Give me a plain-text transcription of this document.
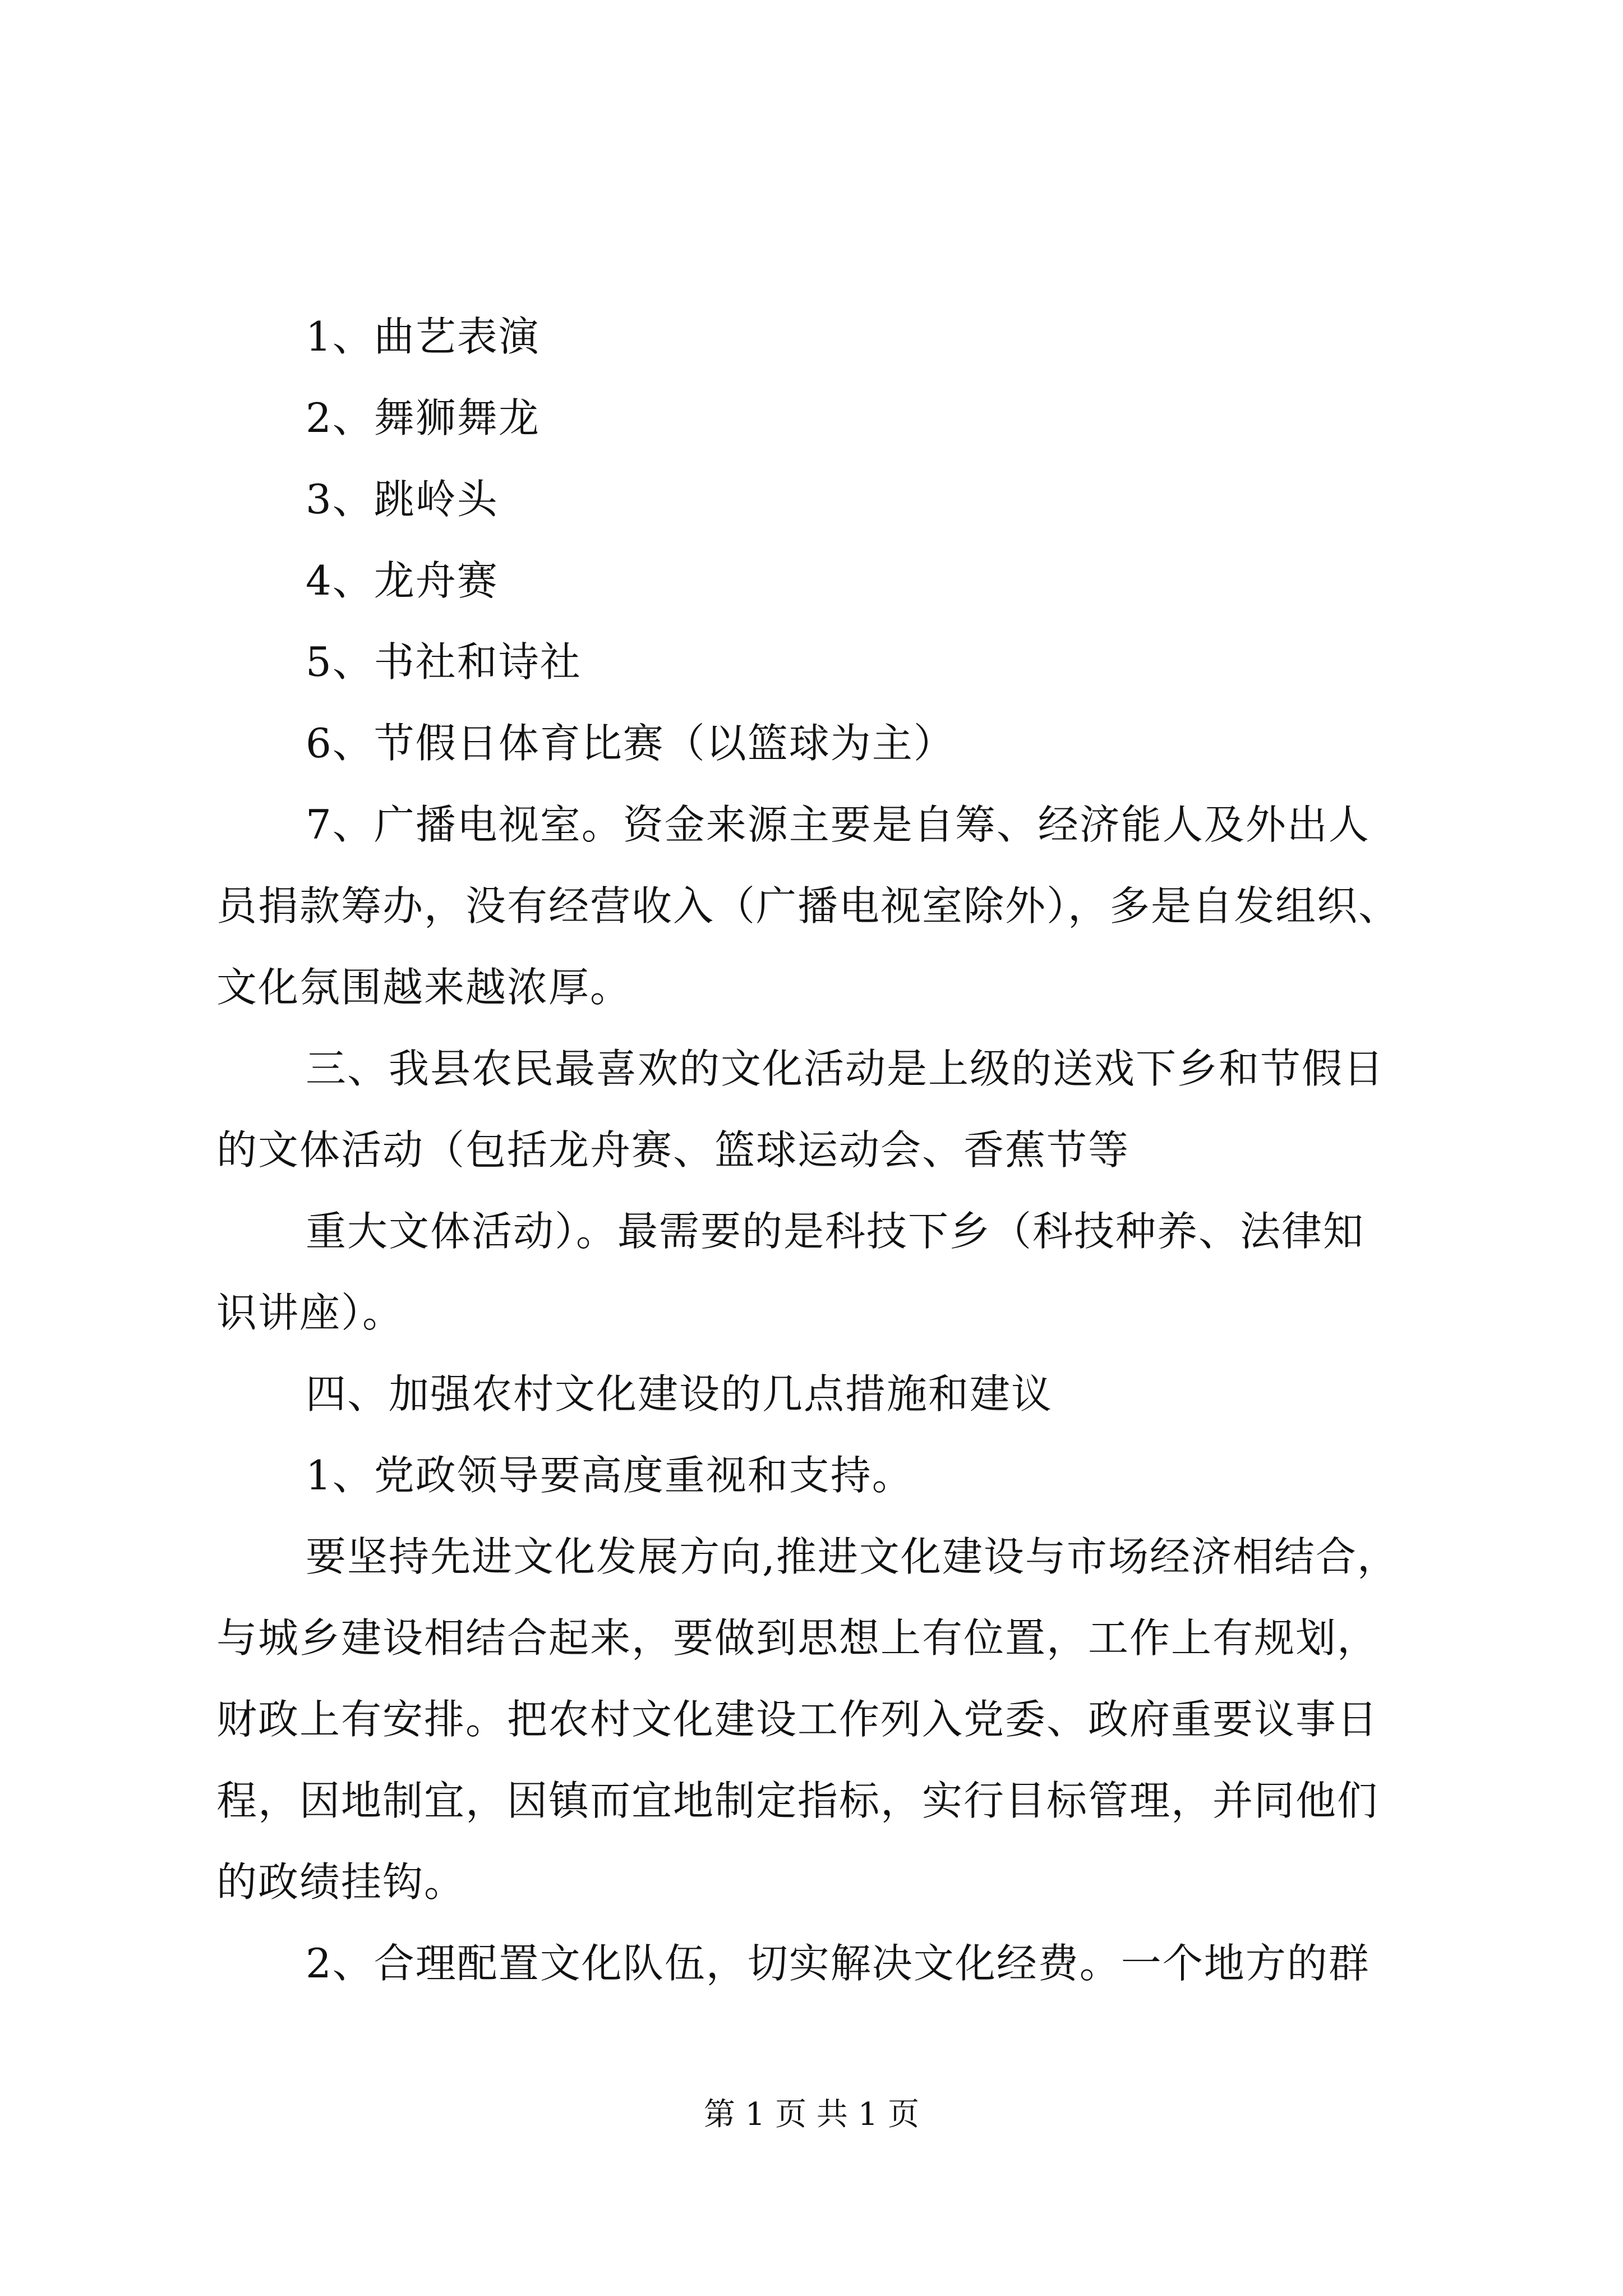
1、曲艺表演

2、舞狮舞龙

3、跳岭头

4、龙舟赛

5、书社和诗社

6、节假日体育比赛（以篮球为主）

7、广播电视室。资金来源主要是自筹、经济能人及外出人

员捐款筹办，没有经营收入（广播电视室除外），多是自发组织、

文化氛围越来越浓厚。

三、我县农民最喜欢的文化活动是上级的送戏下乡和节假日

的文体活动（包括龙舟赛、篮球运动会、香蕉节等

重大文体活动）。最需要的是科技下乡（科技种养、法律知

识讲座）。

四、加强农村文化建设的几点措施和建议

1、党政领导要高度重视和支持。

要坚持先进文化发展方向,推进文化建设与市场经济相结合，

与城乡建设相结合起来，要做到思想上有位置，工作上有规划，

财政上有安排。把农村文化建设工作列入党委、政府重要议事日

程，因地制宜，因镇而宜地制定指标，实行目标管理，并同他们

的政绩挂钩。

2、合理配置文化队伍，切实解决文化经费。一个地方的群

第 1 页 共 1 页
